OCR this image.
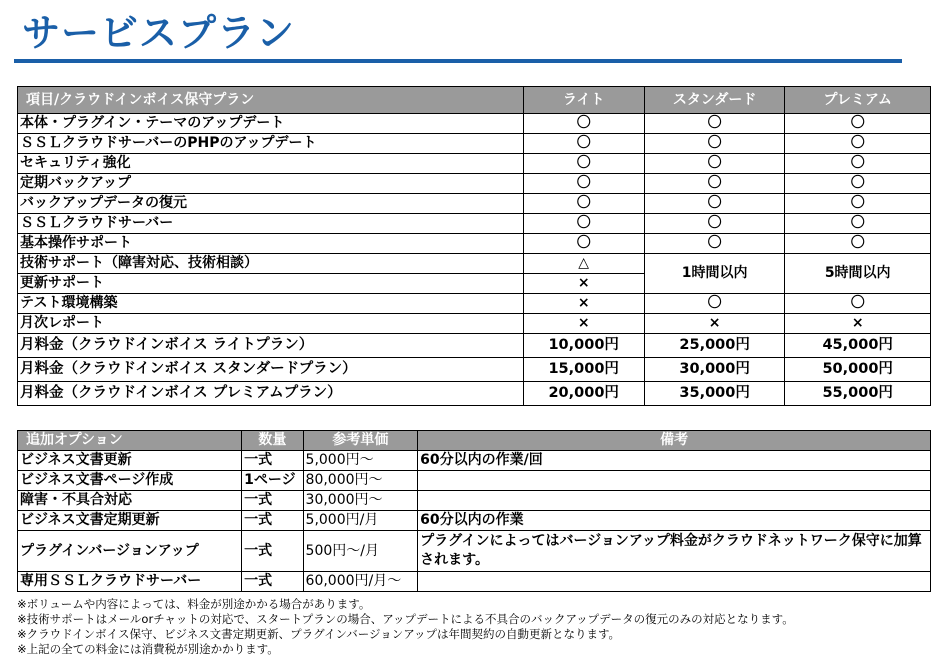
サービスプラン
項目/クラウドインボイス保守プラン	ライト	スタンダード	プレミアム
本体・プラグイン・テーマのアップデート	〇	〇	〇
ＳＳＬクラウドサーバーのPHPのアップデート	〇	〇	〇
セキュリティ強化	〇	〇	〇
定期バックアップ	〇	〇	〇
バックアップデータの復元	〇	〇	〇
ＳＳＬクラウドサーバー	〇	〇	〇
基本操作サポート	〇	〇	〇
技術サポート（障害対応、技術相談）	△	1時間以内	5時間以内
更新サポート	×		
テスト環境構築	×	〇	〇
月次レポート	×	×	×
月料金（クラウドインボイス ライトプラン）	10,000円	25,000円	45,000円
月料金（クラウドインボイス スタンダードプラン）	15,000円	30,000円	50,000円
月料金（クラウドインボイス プレミアムプラン）	20,000円	35,000円	55,000円
追加オプション	数量	参考単価	備考
ビジネス文書更新	一式	5,000円～	60分以内の作業/回
ビジネス文書ページ作成	1ページ	80,000円～	
障害・不具合対応	一式	30,000円～	
ビジネス文書定期更新	一式	5,000円/月	60分以内の作業
プラグインバージョンアップ	一式	500円～/月	プラグインによってはバージョンアップ料金がクラウドネットワーク保守に加算されます。
専用ＳＳＬクラウドサーバー	一式	60,000円/月～	
※ボリュームや内容によっては、料金が別途かかる場合があります。
※技術サポートはメールorチャットの対応で、スタートプランの場合、アップデートによる不具合のバックアップデータの復元のみの対応となります。
※クラウドインボイス保守、ビジネス文書定期更新、プラグインバージョンアップは年間契約の自動更新となります。
※上記の全ての料金には消費税が別途かかります。
